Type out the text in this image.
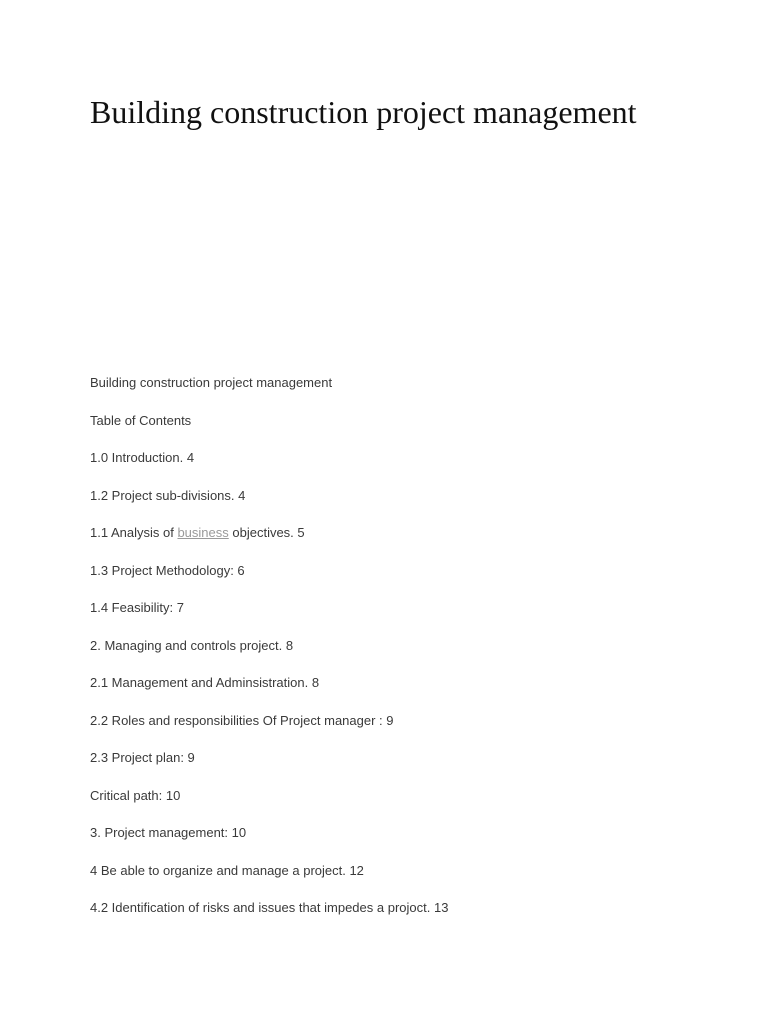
Building construction project management

Building construction project management

Table of Contents

1.0 Introduction. 4

1.2 Project sub-divisions. 4

1.1 Analysis of business objectives. 5

1.3 Project Methodology: 6

1.4 Feasibility: 7

2. Managing and controls project. 8

2.1 Management and Adminsistration. 8

2.2 Roles and responsibilities Of Project manager : 9

2.3 Project plan: 9

Critical path: 10

3. Project management: 10

4 Be able to organize and manage a project. 12

4.2 Identification of risks and issues that impedes a projoct. 13
